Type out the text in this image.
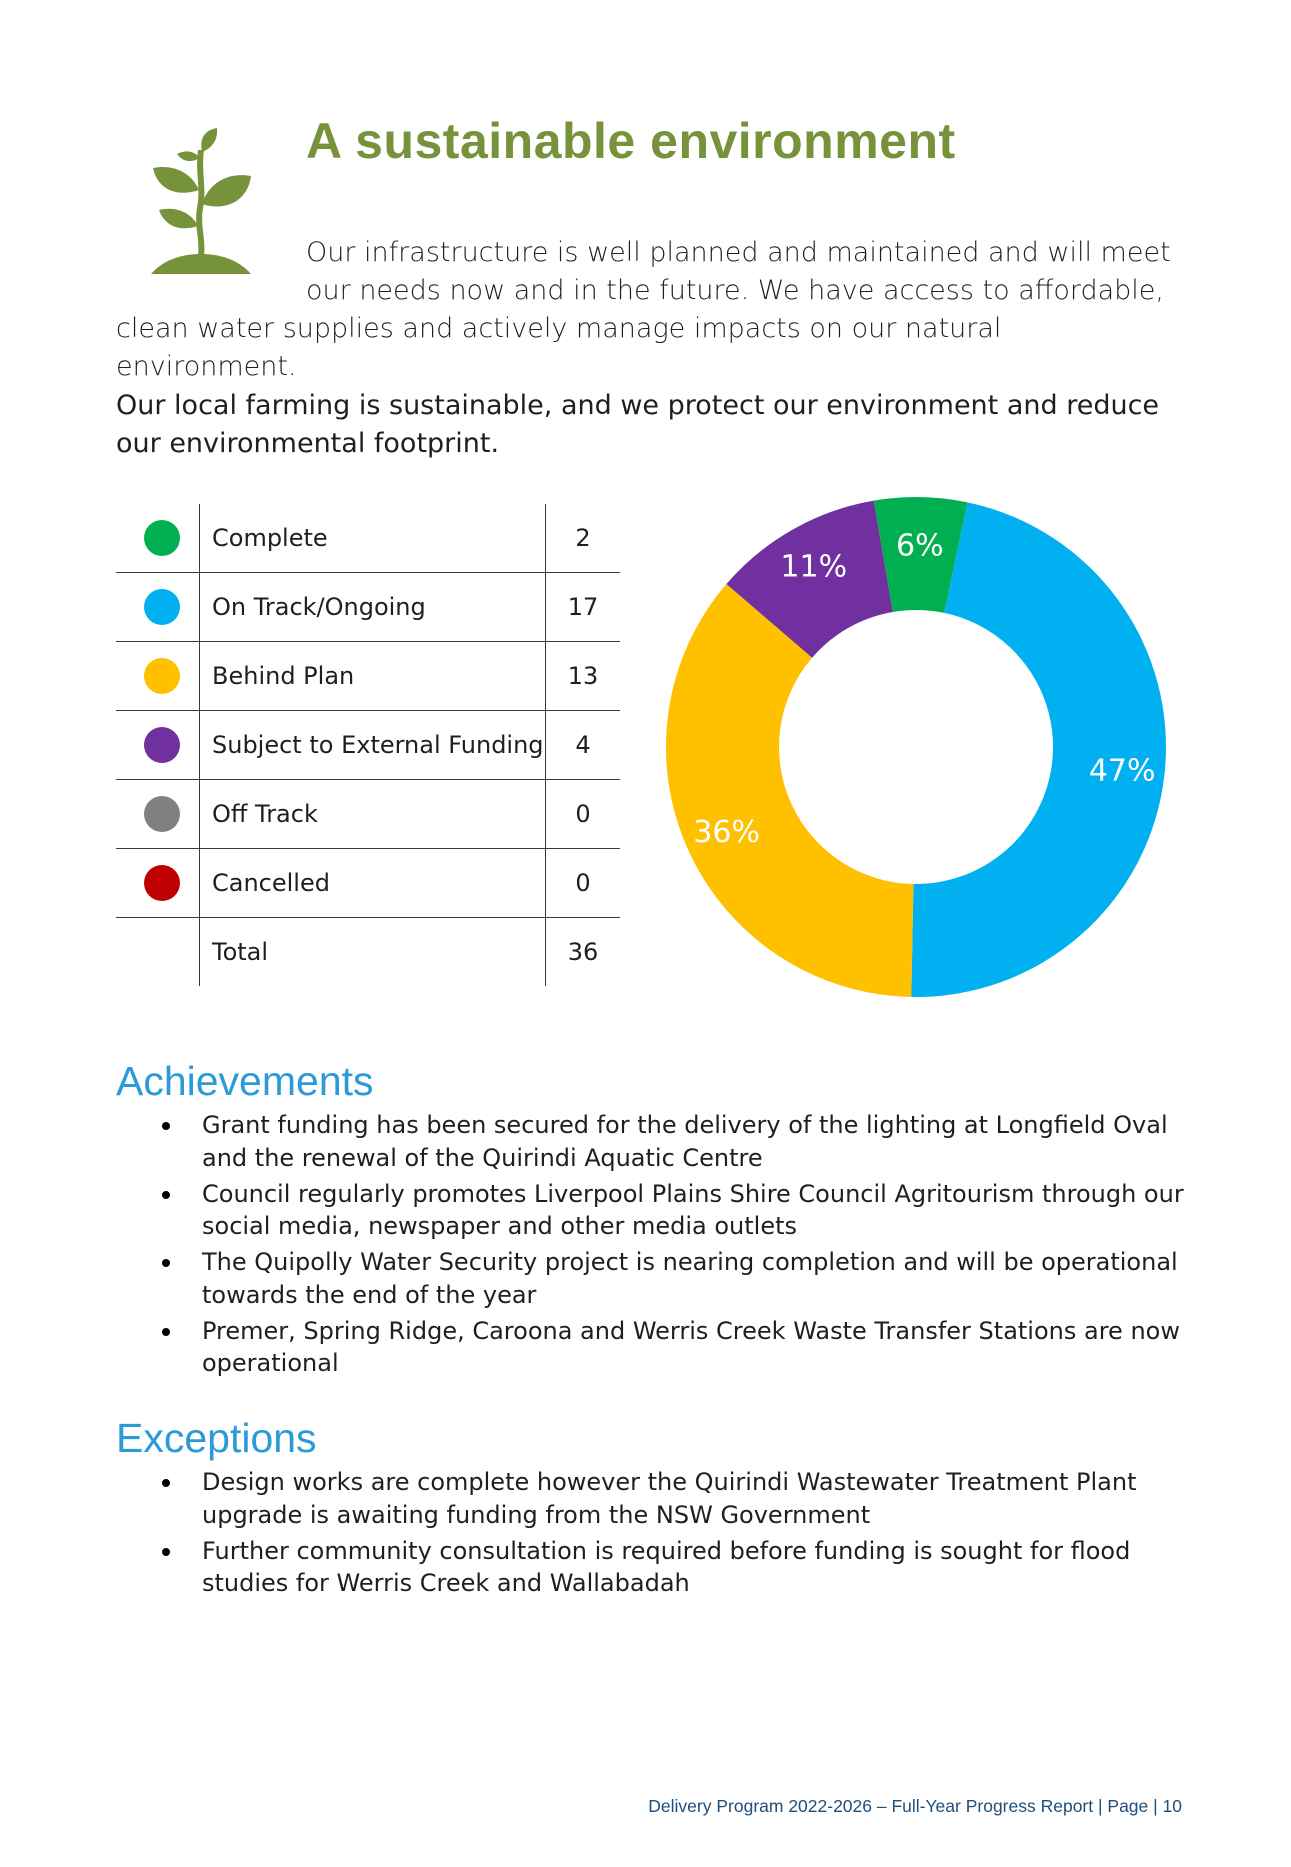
A sustainable environment

Our infrastructure is well planned and maintained and will meet our needs now and in the future. We have access to affordable, clean water supplies and actively manage impacts on our natural environment.

Our local farming is sustainable, and we protect our environment and reduce our environmental footprint.

	Complete	2

	On Track/Ongoing	17

	Behind Plan	13

	Subject to External Funding	4

	Off Track	0

	Cancelled	0
	Total	36
47%
36%
11%
6%
Achievements
Grant funding has been secured for the delivery of the lighting at Longfield Oval and the renewal of the Quirindi Aquatic Centre
Council regularly promotes Liverpool Plains Shire Council Agritourism through our social media, newspaper and other media outlets
The Quipolly Water Security project is nearing completion and will be operational towards the end of the year
Premer, Spring Ridge, Caroona and Werris Creek Waste Transfer Stations are now operational
Exceptions
Design works are complete however the Quirindi Wastewater Treatment Plant upgrade is awaiting funding from the NSW Government
Further community consultation is required before funding is sought for flood studies for Werris Creek and Wallabadah

Delivery Program 2022-2026 – Full-Year Progress Report | Page | 10
